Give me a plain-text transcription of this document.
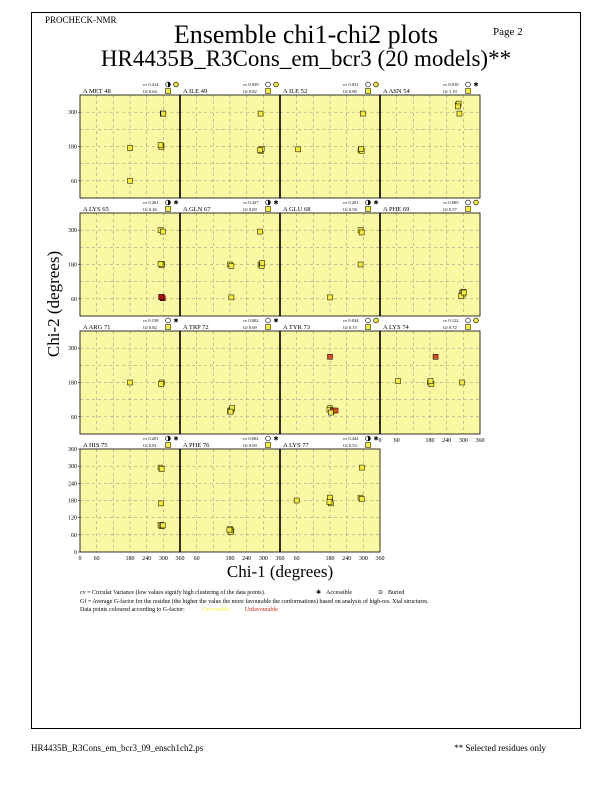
PROCHECK-NMR
Page 2
Ensemble chi1-chi2 plots
HR4435B_R3Cons_em_bcr3 (20 models)**
A MET 48
cv 0.414
Gf 0.64	A ILE 49
cv 0.039
Gf 0.82	A ILE 52
cv 0.031
Gf 0.80	A ASN 54
cv 0.010
Gf 1.19
✱
A LYS 65
cv 0.261
Gf 0.26
✱
A GLN 67
cv 0.427
Gf 0.69
✱
A GLU 68
cv 0.201
Gf 0.58
✱
A PHE 69
cv 0.005
Gf 0.57
A ARG 71
cv 0.158
Gf 0.82
✱
A TRP 72
cv 0.002
Gf 0.69
✱
A TYR 73
cv 0.034
Gf 0.15	A LYS 74
cv 0.122
Gf 0.72
A HIS 75
cv 0.201
Gf 0.81
✱
A PHE 76
cv 0.002
Gf 0.69
✱
A LYS 77
cv 0.444
Gf 0.53
✱
60
180
300
60
180
300
60
180
300
0
60
120
180
240
300
360
0 60	180 240 300 360 60	180 240 300 360 60	180 240 300 360
0 60	180 240 300 360
Chi-2 (degrees)
Chi-1 (degrees)
cv = Circular Variance (low values signify high clustering of the data points).	✱ Accessible	⊙ Buried
Gf = Average G-factor for the residue (the higher the value the more favourable the conformations) based on analysis of high-res. Xtal structures.
Data points coloured according to G-factor:	Favourable	Unfavourable
HR4435B_R3Cons_em_bcr3_09_ensch1ch2.ps	** Selected residues only
